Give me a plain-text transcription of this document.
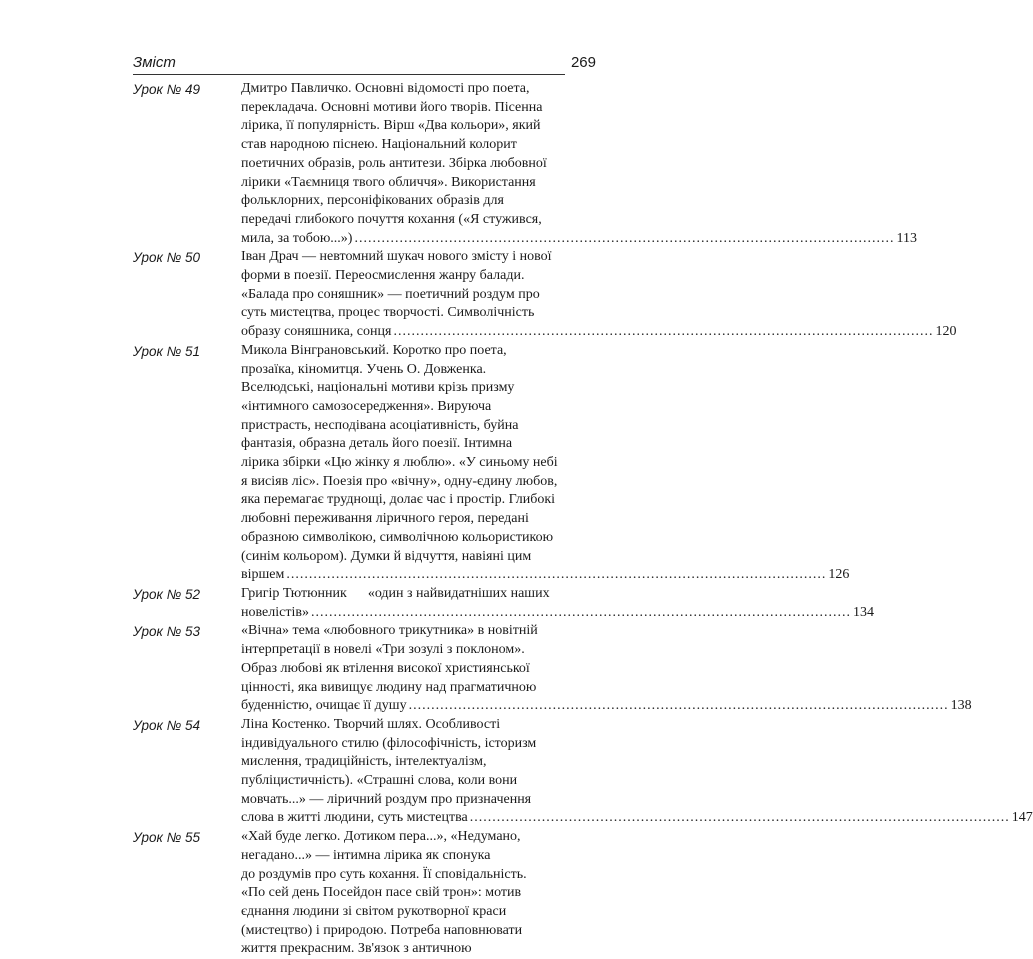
Зміст	269
Урок № 49	Дмитро Павличко. Основні відомості про поета,

перекладача. Основні мотиви його творів. Пісенна

лірика, її популярність. Вірш «Два кольори», який

став народною піснею. Національний колорит

поетичних образів, роль антитези. Збірка любовної

лірики «Таємниця твого обличчя». Використання

фольклорних, персоніфікованих образів для

передачі глибокого почуття кохання («Я стужився,

мила, за тобою...») ........................................................................................................................ 113
Урок № 50	Іван Драч — невтомний шукач нового змісту і нової

форми в поезії. Переосмислення жанру балади.

«Балада про соняшник» — поетичний роздум про

суть мистецтва, процес творчості. Символічність

образу соняшника, сонця ........................................................................................................................ 120
Урок № 51	Микола Вінграновський. Коротко про поета,

прозаїка, кіномитця. Учень О. Довженка.

Вселюдські, національні мотиви крізь призму

«інтимного самозосередження». Вируюча

пристрасть, несподівана асоціативність, буйна

фантазія, образна деталь його поезії. Інтимна

лірика збірки «Цю жінку я люблю». «У синьому небі

я висіяв ліс». Поезія про «вічну», одну-єдину любов,

яка перемагає труднощі, долає час і простір. Глибокі

любовні переживання ліричного героя, передані

образною символікою, символічною кольористикою

(синім кольором). Думки й відчуття, навіяні цим

віршем ........................................................................................................................ 126
Урок № 52	Григір Тютюнник      «один з найвидатніших наших

новелістів» ........................................................................................................................ 134
Урок № 53	«Вічна» тема «любовного трикутника» в новітній

інтерпретації в новелі «Три зозулі з поклоном».

Образ любові як втілення високої християнської

цінності, яка вивищує людину над прагматичною

буденністю, очищає її душу ........................................................................................................................ 138
Урок № 54	Ліна Костенко. Творчий шлях. Особливості

індивідуального стилю (філософічність, історизм

мислення, традиційність, інтелектуалізм,

публіцистичність). «Страшні слова, коли вони

мовчать...» — ліричний роздум про призначення

слова в житті людини, суть мистецтва ........................................................................................................................ 147
Урок № 55	«Хай буде легко. Дотиком пера...», «Недумано,

негадано...» — інтимна лірика як спонука

до роздумів про суть кохання. Її сповідальність.

«По сей день Посейдон пасе свій трон»: мотив

єднання людини зі світом рукотворної краси

(мистецтво) і природою. Потреба наповнювати

життя прекрасним. Зв'язок з античною
